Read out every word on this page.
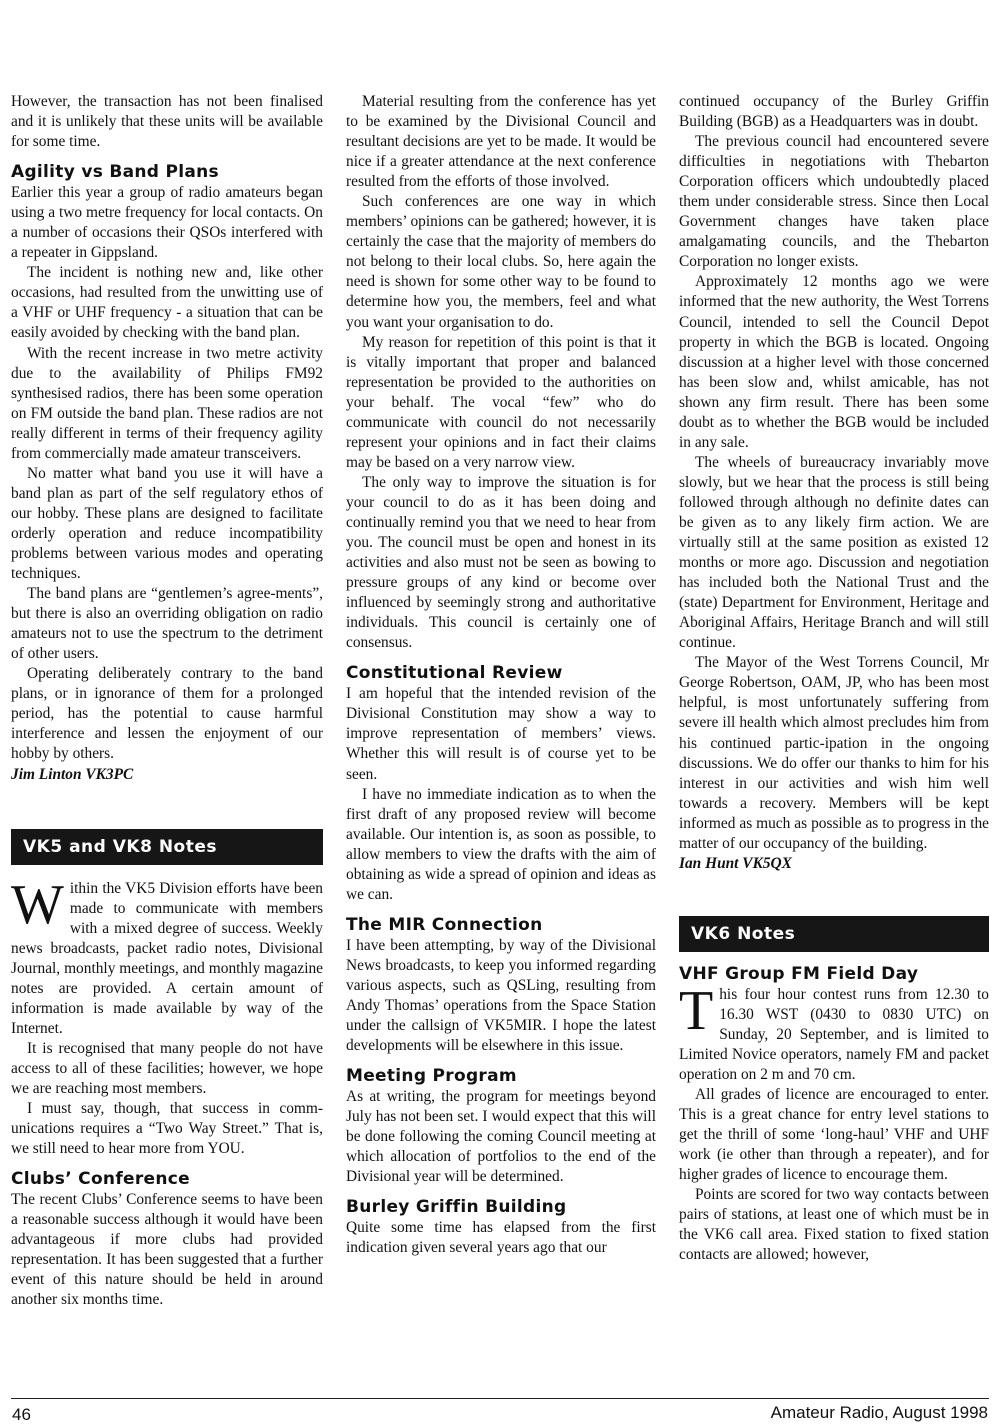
However, the transaction has not been finalised and it is unlikely that these units will be available for some time.

Agility vs Band Plans

Earlier this year a group of radio amateurs began using a two metre frequency for local contacts. On a number of occasions their QSOs interfered with a repeater in Gippsland.

The incident is nothing new and, like other occasions, had resulted from the unwitting use of a VHF or UHF frequency - a situation that can be easily avoided by checking with the band plan.

With the recent increase in two metre activity due to the availability of Philips FM92 synthesised radios, there has been some operation on FM outside the band plan. These radios are not really different in terms of their frequency agility from commercially made amateur transceivers.

No matter what band you use it will have a band plan as part of the self regulatory ethos of our hobby. These plans are designed to facilitate orderly operation and reduce incompatibility problems between various modes and operating techniques.

The band plans are “gentlemen’s agree-ments”, but there is also an overriding obligation on radio amateurs not to use the spectrum to the detriment of other users.

Operating deliberately contrary to the band plans, or in ignorance of them for a prolonged period, has the potential to cause harmful interference and lessen the enjoyment of our hobby by others.

Jim Linton VK3PC

VK5 and VK8 Notes

Within the VK5 Division efforts have been made to communicate with members with a mixed degree of success. Weekly news broadcasts, packet radio notes, Divisional Journal, monthly meetings, and monthly magazine notes are provided. A certain amount of information is made available by way of the Internet.

It is recognised that many people do not have access to all of these facilities; however, we hope we are reaching most members.

I must say, though, that success in comm-unications requires a “Two Way Street.” That is, we still need to hear more from YOU.

Clubs’ Conference

The recent Clubs’ Conference seems to have been a reasonable success although it would have been advantageous if more clubs had provided representation. It has been suggested that a further event of this nature should be held in around another six months time.

Material resulting from the conference has yet to be examined by the Divisional Council and resultant decisions are yet to be made. It would be nice if a greater attendance at the next conference resulted from the efforts of those involved.

Such conferences are one way in which members’ opinions can be gathered; however, it is certainly the case that the majority of members do not belong to their local clubs. So, here again the need is shown for some other way to be found to determine how you, the members, feel and what you want your organisation to do.

My reason for repetition of this point is that it is vitally important that proper and balanced representation be provided to the authorities on your behalf. The vocal “few” who do communicate with council do not necessarily represent your opinions and in fact their claims may be based on a very narrow view.

The only way to improve the situation is for your council to do as it has been doing and continually remind you that we need to hear from you. The council must be open and honest in its activities and also must not be seen as bowing to pressure groups of any kind or become over influenced by seemingly strong and authoritative individuals. This council is certainly one of consensus.

Constitutional Review

I am hopeful that the intended revision of the Divisional Constitution may show a way to improve representation of members’ views. Whether this will result is of course yet to be seen.

I have no immediate indication as to when the first draft of any proposed review will become available. Our intention is, as soon as possible, to allow members to view the drafts with the aim of obtaining as wide a spread of opinion and ideas as we can.

The MIR Connection

I have been attempting, by way of the Divisional News broadcasts, to keep you informed regarding various aspects, such as QSLing, resulting from Andy Thomas’ operations from the Space Station under the callsign of VK5MIR. I hope the latest developments will be elsewhere in this issue.

Meeting Program

As at writing, the program for meetings beyond July has not been set. I would expect that this will be done following the coming Council meeting at which allocation of portfolios to the end of the Divisional year will be determined.

Burley Griffin Building

Quite some time has elapsed from the first indication given several years ago that our

continued occupancy of the Burley Griffin Building (BGB) as a Headquarters was in doubt.

The previous council had encountered severe difficulties in negotiations with Thebarton Corporation officers which undoubtedly placed them under considerable stress. Since then Local Government changes have taken place amalgamating councils, and the Thebarton Corporation no longer exists.

Approximately 12 months ago we were informed that the new authority, the West Torrens Council, intended to sell the Council Depot property in which the BGB is located. Ongoing discussion at a higher level with those concerned has been slow and, whilst amicable, has not shown any firm result. There has been some doubt as to whether the BGB would be included in any sale.

The wheels of bureaucracy invariably move slowly, but we hear that the process is still being followed through although no definite dates can be given as to any likely firm action. We are virtually still at the same position as existed 12 months or more ago. Discussion and negotiation has included both the National Trust and the (state) Department for Environment, Heritage and Aboriginal Affairs, Heritage Branch and will still continue.

The Mayor of the West Torrens Council, Mr George Robertson, OAM, JP, who has been most helpful, is most unfortunately suffering from severe ill health which almost precludes him from his continued partic-ipation in the ongoing discussions. We do offer our thanks to him for his interest in our activities and wish him well towards a recovery. Members will be kept informed as much as possible as to progress in the matter of our occupancy of the building.

Ian Hunt VK5QX

VK6 Notes
VHF Group FM Field Day

This four hour contest runs from 12.30 to 16.30 WST (0430 to 0830 UTC) on Sunday, 20 September, and is limited to Limited Novice operators, namely FM and packet operation on 2 m and 70 cm.

All grades of licence are encouraged to enter. This is a great chance for entry level stations to get the thrill of some ‘long-haul’ VHF and UHF work (ie other than through a repeater), and for higher grades of licence to encourage them.

Points are scored for two way contacts between pairs of stations, at least one of which must be in the VK6 call area. Fixed station to fixed station contacts are allowed; however,

46	Amateur Radio, August 1998
